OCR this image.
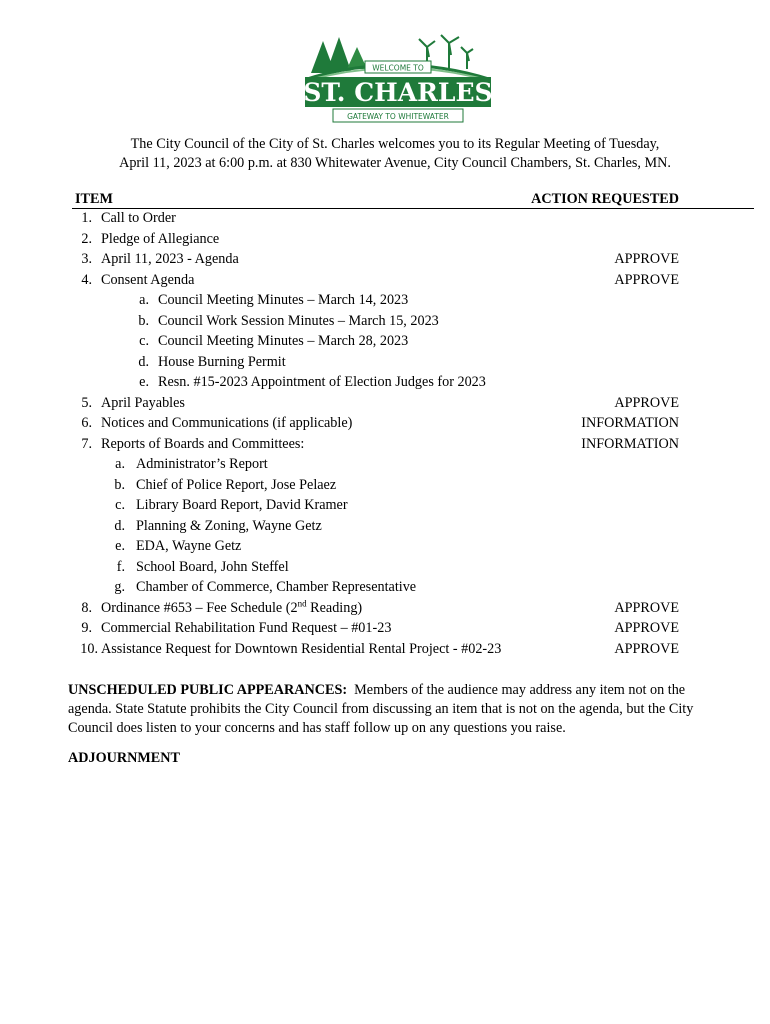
WELCOME TO
ST. CHARLES
GATEWAY TO WHITEWATER
The City Council of the City of St. Charles welcomes you to its Regular Meeting of Tuesday,
April 11, 2023 at 6:00 p.m. at 830 Whitewater Avenue, City Council Chambers, St. Charles, MN.
ITEM	ACTION REQUESTED
1. Call to Order
2. Pledge of Allegiance
3. April 11, 2023 - Agenda	APPROVE
4. Consent Agenda	APPROVE
a. Council Meeting Minutes – March 14, 2023
b. Council Work Session Minutes – March 15, 2023
c. Council Meeting Minutes – March 28, 2023
d. House Burning Permit
e. Resn. #15-2023 Appointment of Election Judges for 2023
5. April Payables	APPROVE
6. Notices and Communications (if applicable)	INFORMATION
7. Reports of Boards and Committees:	INFORMATION
a. Administrator’s Report
b. Chief of Police Report, Jose Pelaez
c. Library Board Report, David Kramer
d. Planning & Zoning, Wayne Getz
e. EDA, Wayne Getz
f. School Board, John Steffel
g. Chamber of Commerce, Chamber Representative
8. Ordinance #653 – Fee Schedule (2nd Reading)	APPROVE
9. Commercial Rehabilitation Fund Request – #01-23	APPROVE
10. Assistance Request for Downtown Residential Rental Project - #02-23	APPROVE
UNSCHEDULED PUBLIC APPEARANCES: Members of the audience may address any item not on the agenda. State Statute prohibits the City Council from discussing an item that is not on the agenda, but the City Council does listen to your concerns and has staff follow up on any questions you raise.
ADJOURNMENT
